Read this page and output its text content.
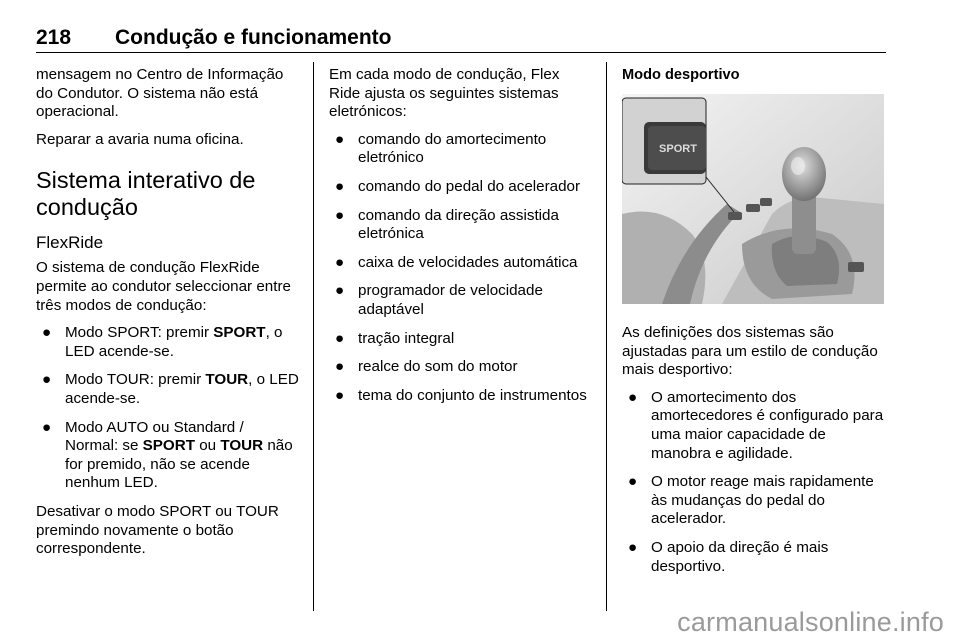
218 Condução e funcionamento

mensagem no Centro de Informação do Condutor. O sistema não está operacional.

Reparar a avaria numa oficina.

Sistema interativo de condução
FlexRide

O sistema de condução FlexRide permite ao condutor seleccionar entre três modos de condução:

● Modo SPORT: premir SPORT, o LED acende-se.
● Modo TOUR: premir TOUR, o LED acende-se.
● Modo AUTO ou Standard / Normal: se SPORT ou TOUR não for premido, não se acende nenhum LED.

Desativar o modo SPORT ou TOUR premindo novamente o botão correspondente.

Em cada modo de condução, Flex Ride ajusta os seguintes sistemas eletrónicos:

● comando do amortecimento eletrónico
● comando do pedal do acelerador
● comando da direção assistida eletrónica
● caixa de velocidades automática
● programador de velocidade adaptável
● tração integral
● realce do som do motor
● tema do conjunto de instrumentos
Modo desportivo
SPORT

As definições dos sistemas são ajustadas para um estilo de condução mais desportivo:

● O amortecimento dos amortecedores é configurado para uma maior capacidade de manobra e agilidade.
● O motor reage mais rapidamente às mudanças do pedal do acelerador.
● O apoio da direção é mais desportivo.
carmanualsonline.info
